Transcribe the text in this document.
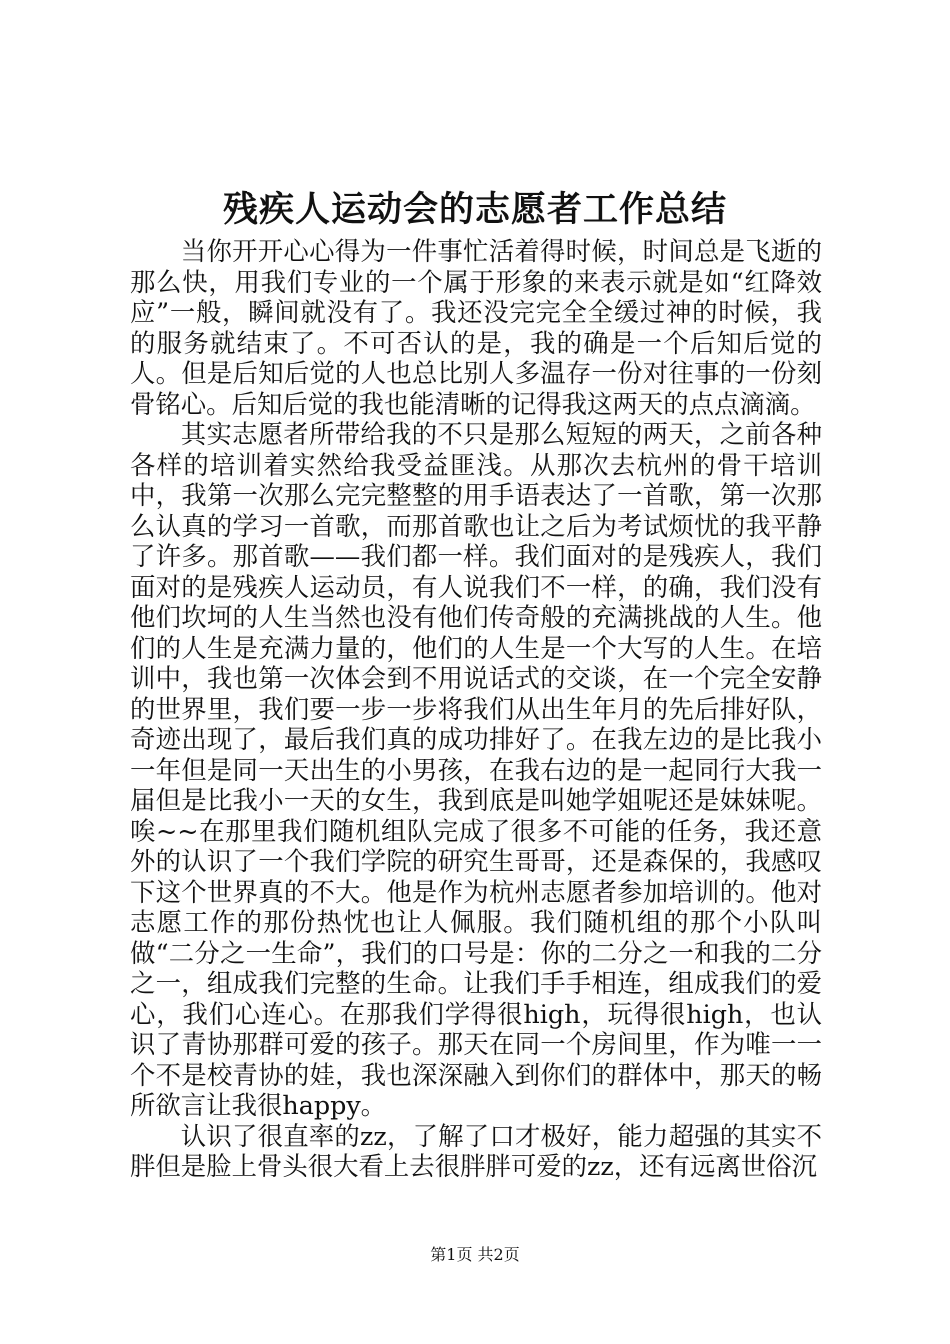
残疾人运动会的志愿者工作总结

当你开开心心得为一件事忙活着得时候，时间总是飞逝的那么快，用我们专业的一个属于形象的来表示就是如“红降效应”一般，瞬间就没有了。我还没完完全全缓过神的时候，我的服务就结束了。不可否认的是，我的确是一个后知后觉的人。但是后知后觉的人也总比别人多温存一份对往事的一份刻骨铭心。后知后觉的我也能清晰的记得我这两天的点点滴滴。

其实志愿者所带给我的不只是那么短短的两天，之前各种各样的培训着实然给我受益匪浅。从那次去杭州的骨干培训中，我第一次那么完完整整的用手语表达了一首歌，第一次那么认真的学习一首歌，而那首歌也让之后为考试烦忧的我平静了许多。那首歌——我们都一样。我们面对的是残疾人，我们面对的是残疾人运动员，有人说我们不一样，的确，我们没有他们坎坷的人生当然也没有他们传奇般的充满挑战的人生。他们的人生是充满力量的，他们的人生是一个大写的人生。在培训中，我也第一次体会到不用说话式的交谈，在一个完全安静的世界里，我们要一步一步将我们从出生年月的先后排好队，奇迹出现了，最后我们真的成功排好了。在我左边的是比我小一年但是同一天出生的小男孩，在我右边的是一起同行大我一届但是比我小一天的女生，我到底是叫她学姐呢还是妹妹呢。唉~~在那里我们随机组队完成了很多不可能的任务，我还意外的认识了一个我们学院的研究生哥哥，还是森保的，我感叹下这个世界真的不大。他是作为杭州志愿者参加培训的。他对志愿工作的那份热忱也让人佩服。我们随机组的那个小队叫做“二分之一生命”，我们的口号是：你的二分之一和我的二分之一，组成我们完整的生命。让我们手手相连，组成我们的爱心，我们心连心。在那我们学得很high，玩得很high，也认识了青协那群可爱的孩子。那天在同一个房间里，作为唯一一个不是校青协的娃，我也深深融入到你们的群体中，那天的畅所欲言让我很happy。

认识了很直率的zz，了解了口才极好，能力超强的其实不胖但是脸上骨头很大看上去很胖胖可爱的zz，还有远离世俗沉

第1页 共2页
